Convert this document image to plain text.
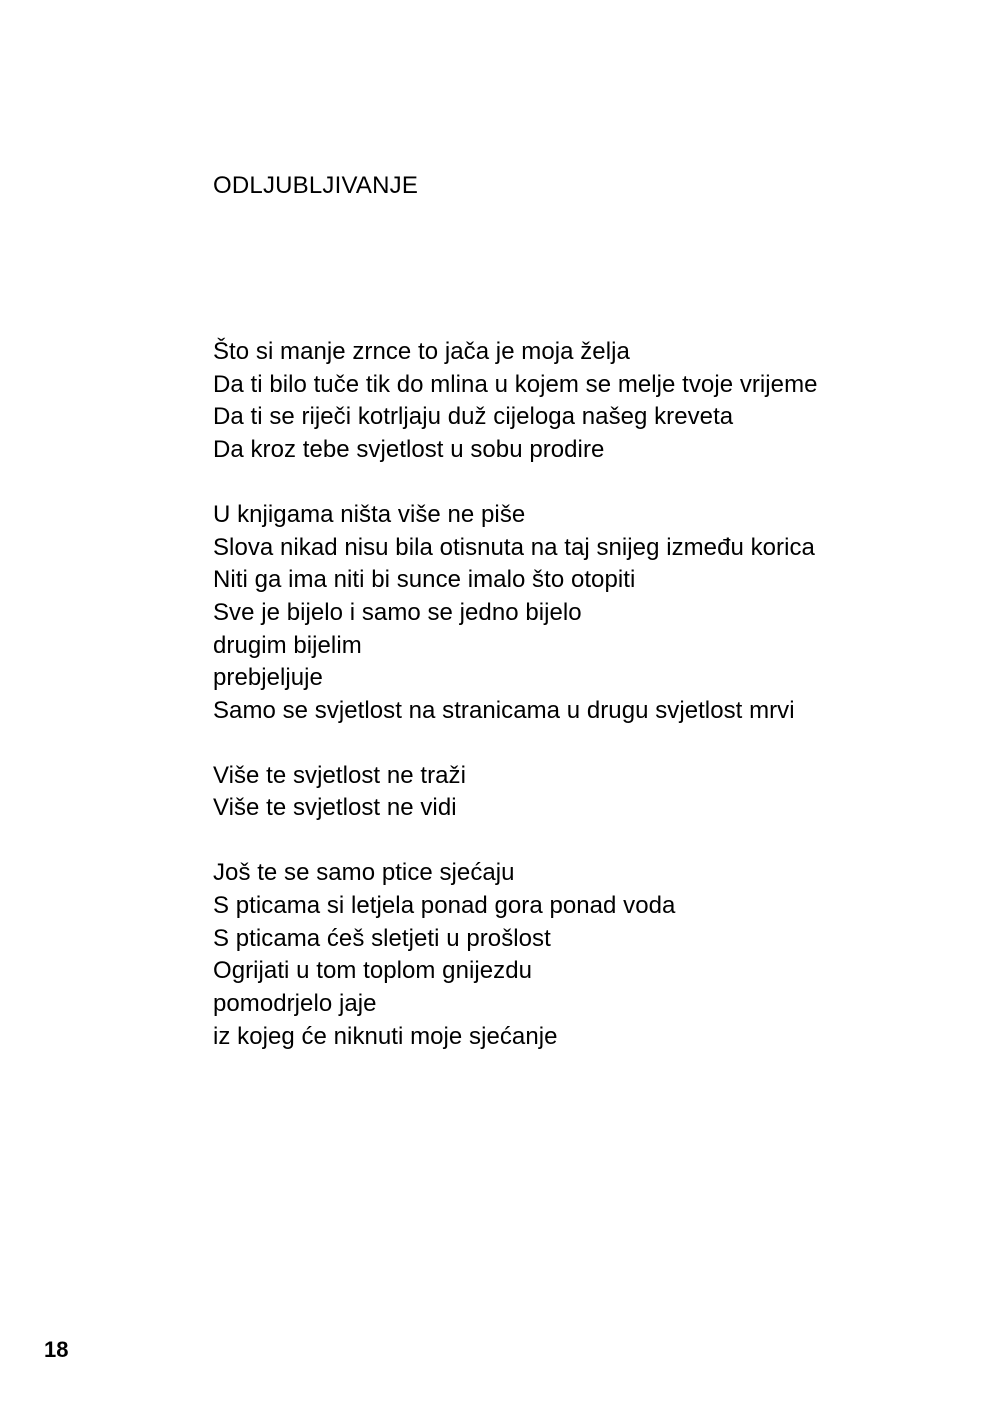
ODLJUBLJIVANJE
Što si manje zrnce to jača je moja želja
Da ti bilo tuče tik do mlina u kojem se melje tvoje vrijeme
Da ti se riječi kotrljaju duž cijeloga našeg kreveta
Da kroz tebe svjetlost u sobu prodire
U knjigama ništa više ne piše
Slova nikad nisu bila otisnuta na taj snijeg između korica
Niti ga ima niti bi sunce imalo što otopiti
Sve je bijelo i samo se jedno bijelo
drugim bijelim
prebjeljuje
Samo se svjetlost na stranicama u drugu svjetlost mrvi
Više te svjetlost ne traži
Više te svjetlost ne vidi
Još te se samo ptice sjećaju
S pticama si letjela ponad gora ponad voda
S pticama ćeš sletjeti u prošlost
Ogrijati u tom toplom gnijezdu
pomodrjelo jaje
iz kojeg će niknuti moje sjećanje
18
